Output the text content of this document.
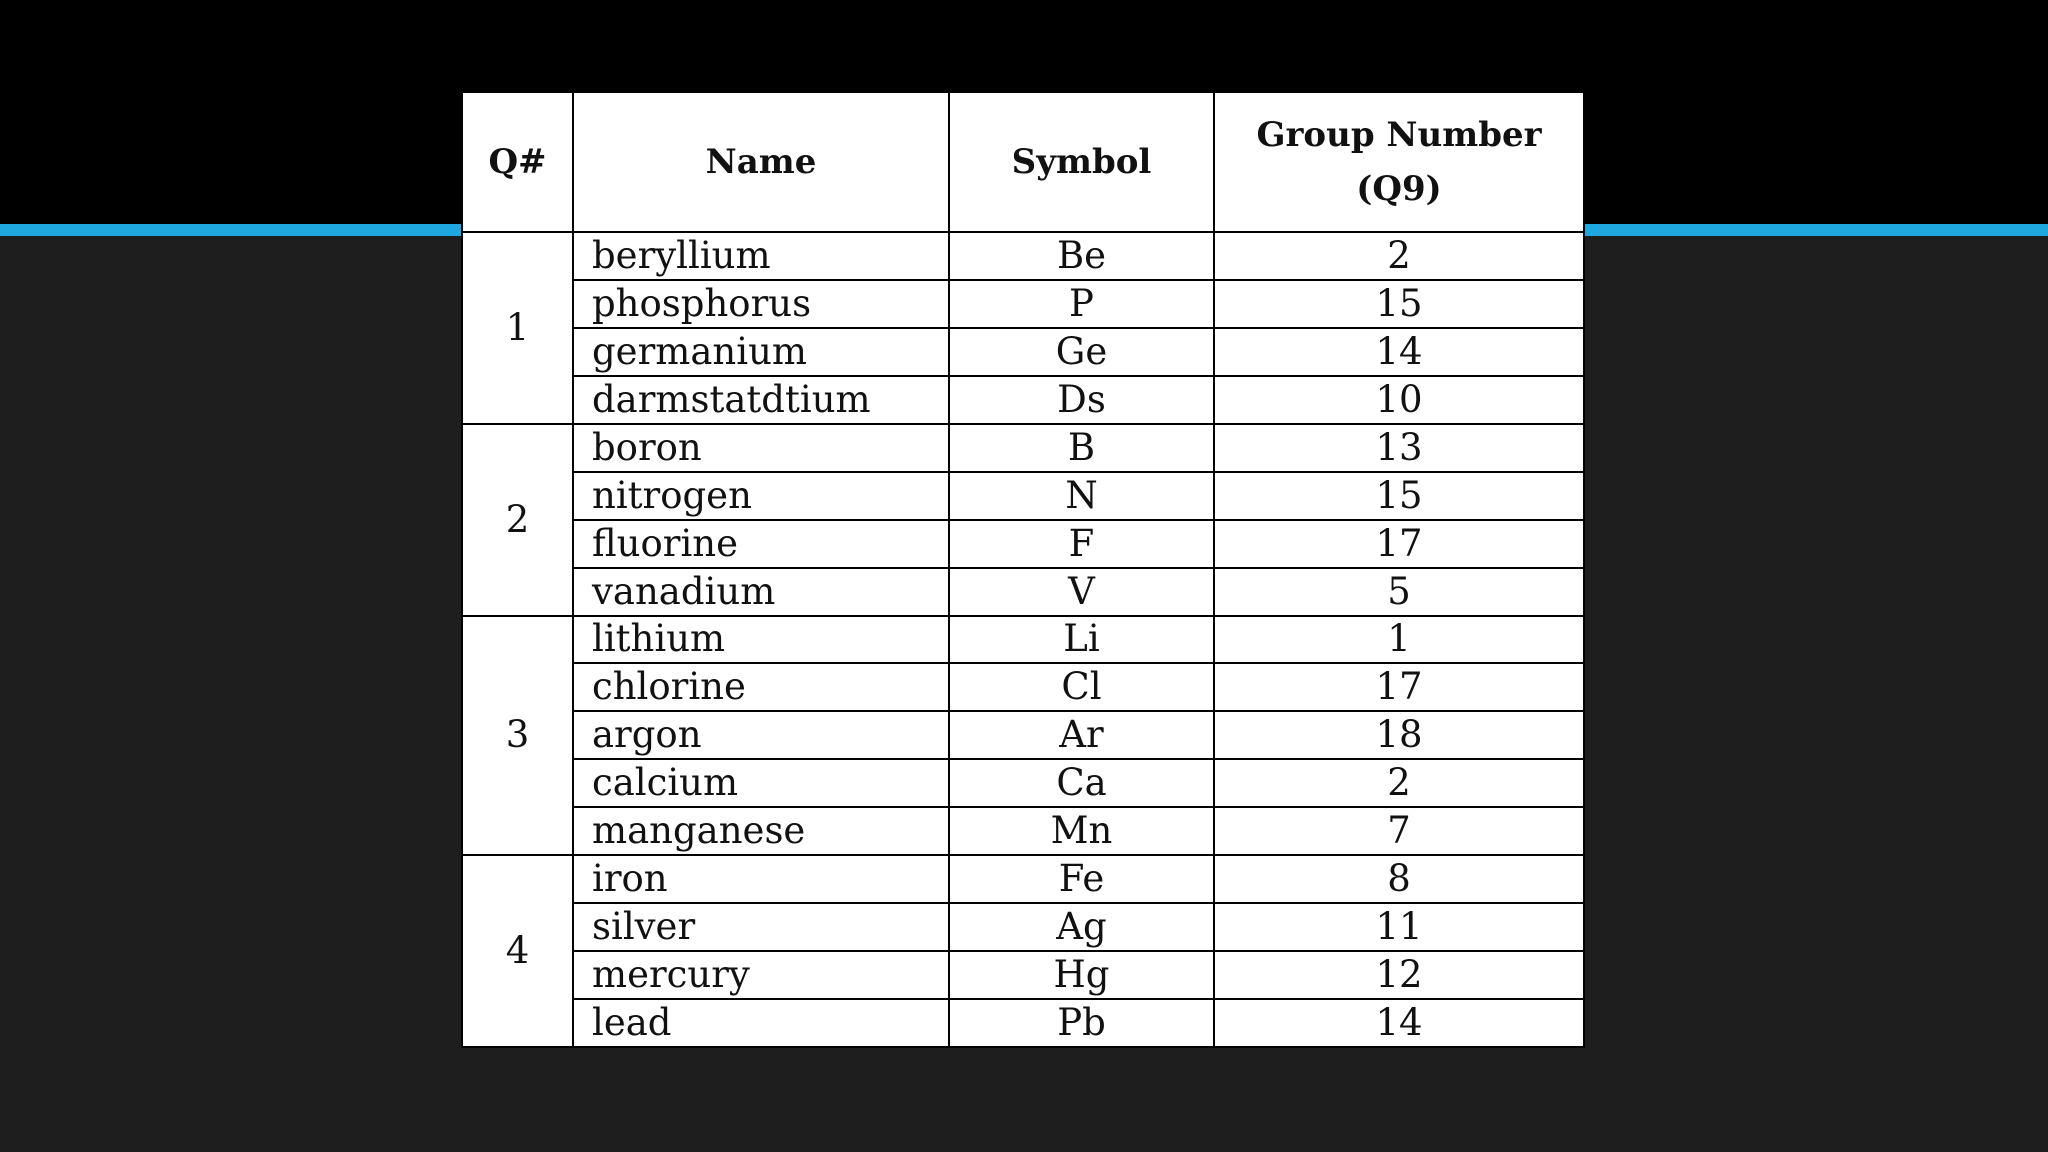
Q#	Name	Symbol	Group Number
(Q9)
1	beryllium	Be	2
	phosphorus	P	15
	germanium	Ge	14
	darmstatdtium	Ds	10
2	boron	B	13
	nitrogen	N	15
	fluorine	F	17
	vanadium	V	5
3	lithium	Li	1
	chlorine	Cl	17
	argon	Ar	18
	calcium	Ca	2
	manganese	Mn	7
4	iron	Fe	8
	silver	Ag	11
	mercury	Hg	12
	lead	Pb	14
